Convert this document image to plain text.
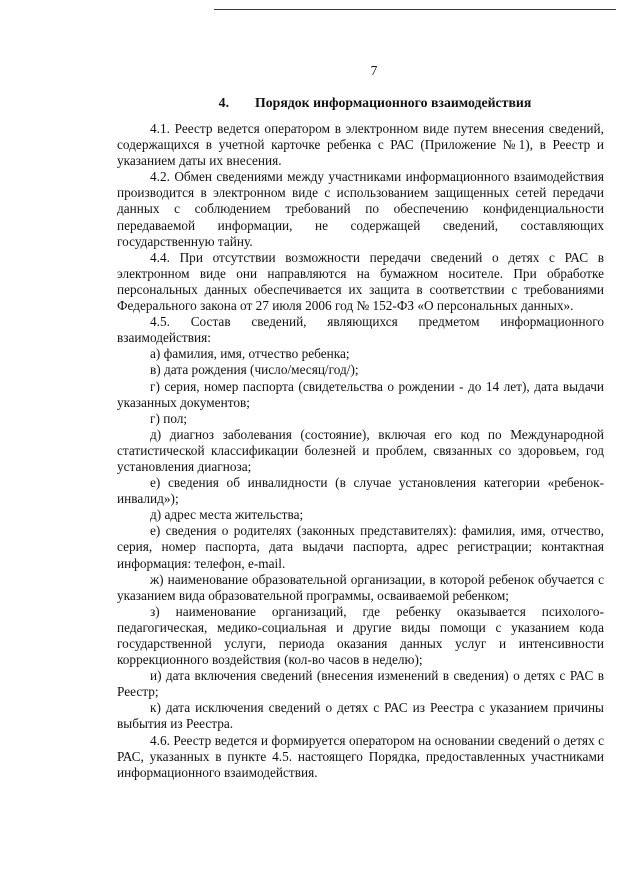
7
4. Порядок информационного взаимодействия

4.1. Реестр ведется оператором в электронном виде путем внесения сведений, содержащихся в учетной карточке ребенка с РАС (Приложение №1), в Реестр и указанием даты их внесения.

4.2. Обмен сведениями между участниками информационного взаимодействия производится в электронном виде с использованием защищенных сетей передачи данных с соблюдением требований по обеспечению конфиденциальности передаваемой информации, не содержащей сведений, составляющих государственную тайну.

4.4. При отсутствии возможности передачи сведений о детях с РАС в электронном виде они направляются на бумажном носителе. При обработке персональных данных обеспечивается их защита в соответствии с требованиями Федерального закона от 27 июля 2006 год № 152-ФЗ «О персональных данных».

4.5. Состав сведений, являющихся предметом информационного взаимодействия:

а) фамилия, имя, отчество ребенка;

в) дата рождения (число/месяц/год/);

г) серия, номер паспорта (свидетельства о рождении - до 14 лет), дата выдачи указанных документов;

г) пол;

д) диагноз заболевания (состояние), включая его код по Международной статистической классификации болезней и проблем, связанных со здоровьем, год установления диагноза;

е) сведения об инвалидности (в случае установления категории «ребенок-инвалид»);

д) адрес места жительства;

е) сведения о родителях (законных представителях): фамилия, имя, отчество, серия, номер паспорта, дата выдачи паспорта, адрес регистрации; контактная информация: телефон, e-mail.

ж) наименование образовательной организации, в которой ребенок обучается с указанием вида образовательной программы, осваиваемой ребенком;

з) наименование организаций, где ребенку оказывается психолого-педагогическая, медико-социальная и другие виды помощи с указанием кода государственной услуги, периода оказания данных услуг и интенсивности коррекционного воздействия (кол-во часов в неделю);

и) дата включения сведений (внесения изменений в сведения) о детях с РАС в Реестр;

к) дата исключения сведений о детях с РАС из Реестра с указанием причины выбытия из Реестра.

4.6. Реестр ведется и формируется оператором на основании сведений о детях с РАС, указанных в пункте 4.5. настоящего Порядка, предоставленных участниками информационного взаимодействия.
